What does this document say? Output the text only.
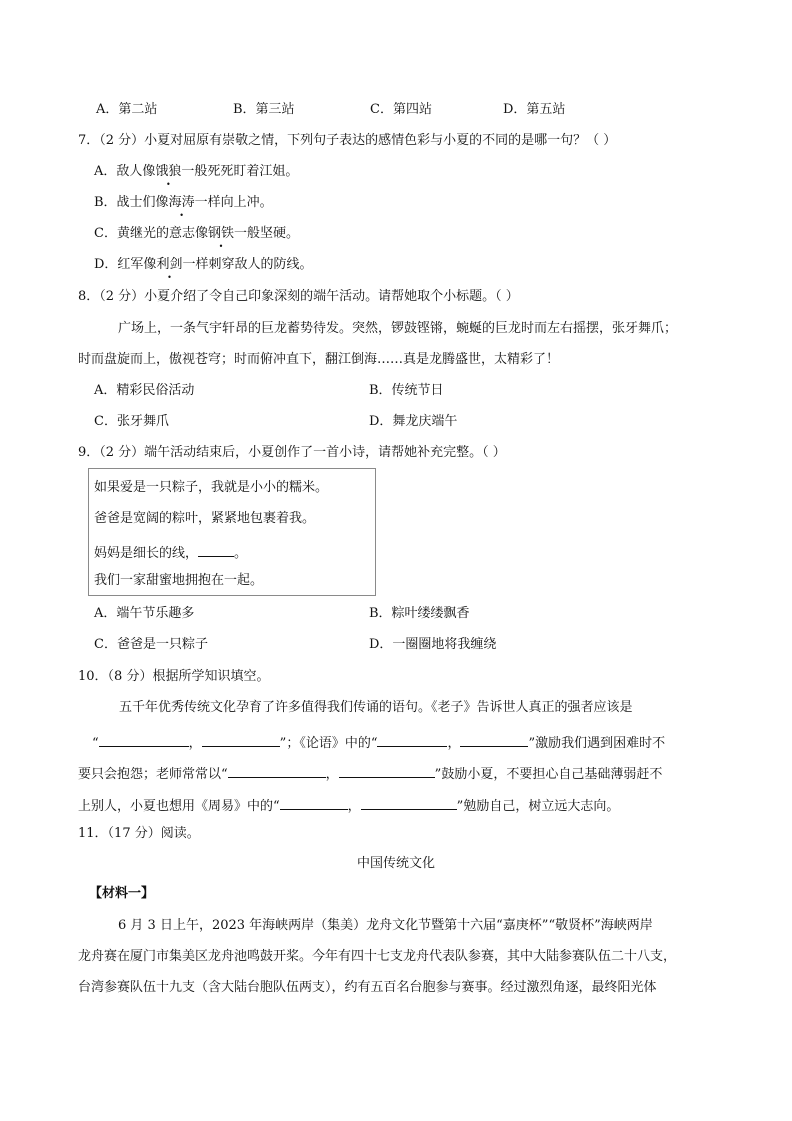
A．第二站	B．第三站	C．第四站	D．第五站
7．（2 分）小夏对屈原有崇敬之情，下列句子表达的感情色彩与小夏的不同的是哪一句？（ ）
A．敌人像饿狼一般死死盯着江姐。
B．战士们像海涛一样向上冲。
C．黄继光的意志像钢铁一般坚硬。
D．红军像利剑一样刺穿敌人的防线。
8．（2 分）小夏介绍了令自己印象深刻的端午活动。请帮她取个小标题。（ ）
广场上，一条气宇轩昂的巨龙蓄势待发。突然，锣鼓铿锵，蜿蜒的巨龙时而左右摇摆，张牙舞爪；
时而盘旋而上，傲视苍穹；时而俯冲直下，翻江倒海……真是龙腾盛世，太精彩了！
A．精彩民俗活动	B．传统节日
C．张牙舞爪	D．舞龙庆端午
9．（2 分）端午活动结束后，小夏创作了一首小诗，请帮她补充完整。（ ）
如果爱是一只粽子，我就是小小的糯米。
爸爸是宽阔的粽叶，紧紧地包裹着我。
妈妈是细长的线，	。
我们一家甜蜜地拥抱在一起。
A．端午节乐趣多	B．粽叶缕缕飘香
C．爸爸是一只粽子	D．一圈圈地将我缠绕
10．（8 分）根据所学知识填空。
五千年优秀传统文化孕育了许多值得我们传诵的语句。《老子》告诉世人真正的强者应该是
“	，	”；《论语》中的“	，	”激励我们遇到困难时不
要只会抱怨；老师常常以“	，	”鼓励小夏，不要担心自己基础薄弱赶不
上别人，小夏也想用《周易》中的“	，	”勉励自己，树立远大志向。
11．（17 分）阅读。
中国传统文化
【材料一】
6 月 3 日上午，2023 年海峡两岸（集美）龙舟文化节暨第十六届“嘉庚杯”“敬贤杯”海峡两岸
龙舟赛在厦门市集美区龙舟池鸣鼓开桨。今年有四十七支龙舟代表队参赛，其中大陆参赛队伍二十八支，
台湾参赛队伍十九支（含大陆台胞队伍两支），约有五百名台胞参与赛事。经过激烈角逐，最终阳光体
